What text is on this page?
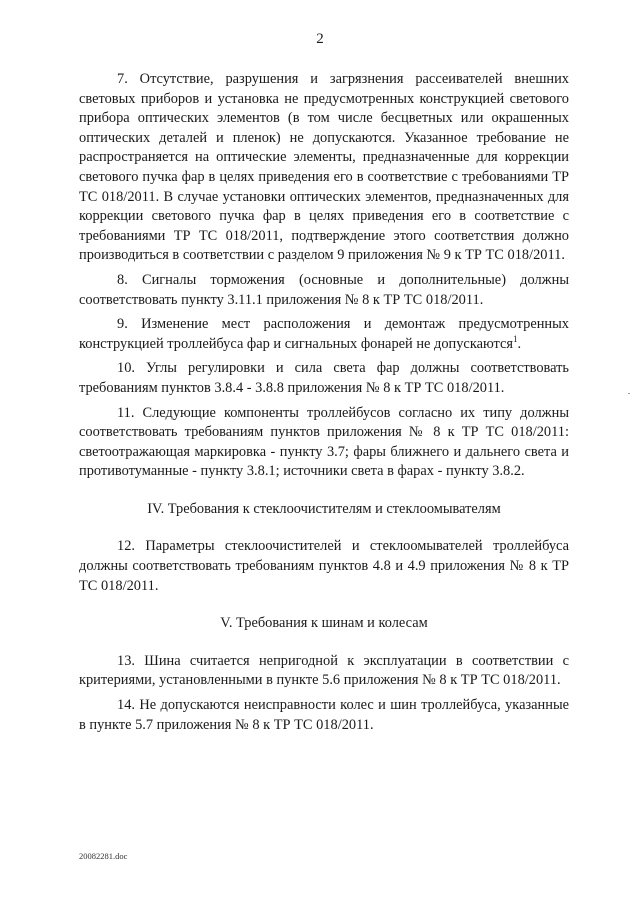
2

7. Отсутствие, разрушения и загрязнения рассеивателей внешних световых приборов и установка не предусмотренных конструкцией светового прибора оптических элементов (в том числе бесцветных или окрашенных оптических деталей и пленок) не допускаются. Указанное требование не распространяется на оптические элементы, предназначенные для коррекции светового пучка фар в целях приведения его в соответствие с требованиями ТР ТС 018/2011. В случае установки оптических элементов, предназначенных для коррекции светового пучка фар в целях приведения его в соответствие с требованиями ТР ТС 018/2011, подтверждение этого соответствия должно производиться в соответствии с разделом 9 приложения № 9 к ТР ТС 018/2011.

8. Сигналы торможения (основные и дополнительные) должны соответствовать пункту 3.11.1 приложения № 8 к ТР ТС 018/2011.

9. Изменение мест расположения и демонтаж предусмотренных конструкцией троллейбуса фар и сигнальных фонарей не допускаются$^1$.

10. Углы регулировки и сила света фар должны соответствовать требованиям пунктов 3.8.4 - 3.8.8 приложения № 8 к ТР ТС 018/2011.

11. Следующие компоненты троллейбусов согласно их типу должны соответствовать требованиям пунктов приложения № 8 к ТР ТС 018/2011: светоотражающая маркировка - пункту 3.7; фары ближнего и дальнего света и противотуманные - пункту 3.8.1; источники света в фарах - пункту 3.8.2.

IV. Требования к стеклоочистителям и стеклоомывателям

12. Параметры стеклоочистителей и стеклоомывателей троллейбуса должны соответствовать требованиям пунктов 4.8 и 4.9 приложения № 8 к ТР ТС 018/2011.

V. Требования к шинам и колесам

13. Шина считается непригодной к эксплуатации в соответствии с критериями, установленными в пункте 5.6 приложения № 8 к ТР ТС 018/2011.

14. Не допускаются неисправности колес и шин троллейбуса, указанные в пункте 5.7 приложения № 8 к ТР ТС 018/2011.

20082281.doc
